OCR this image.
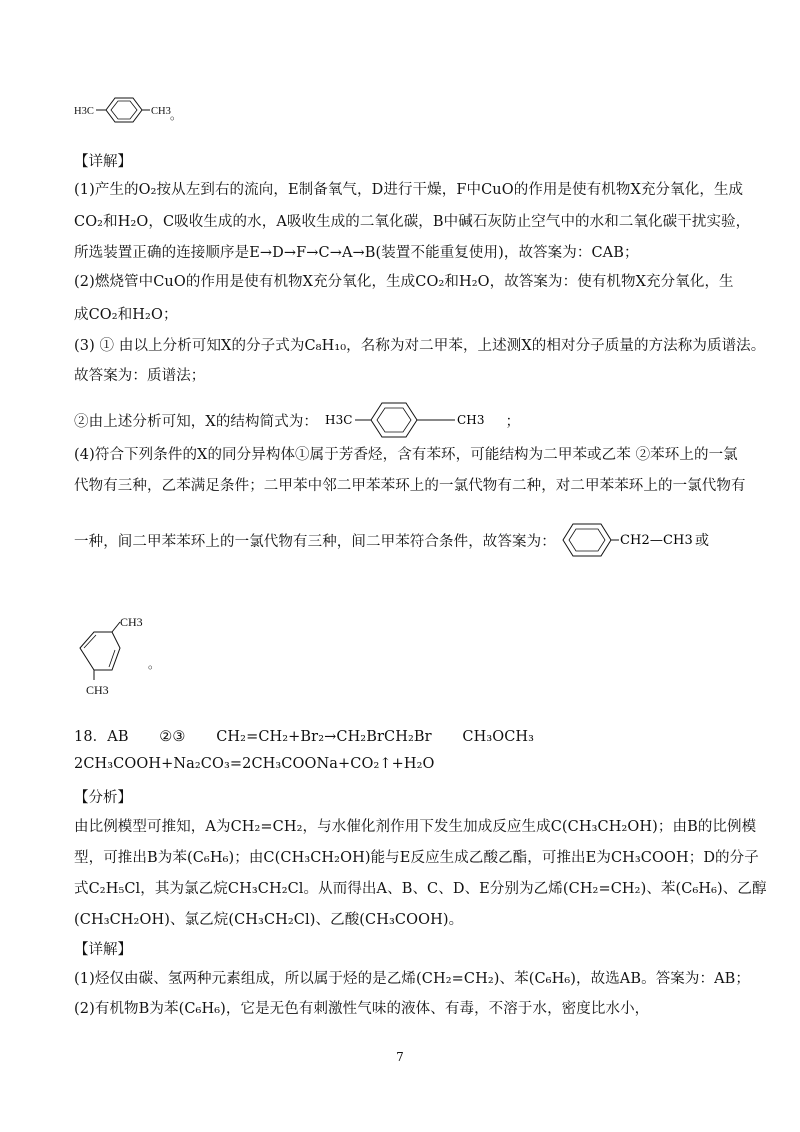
H3C	CH3 。
【详解】
(1)产生的O₂按从左到右的流向，E制备氧气，D进行干燥，F中CuO的作用是使有机物X充分氧化，生成
CO₂和H₂O，C吸收生成的水，A吸收生成的二氧化碳，B中碱石灰防止空气中的水和二氧化碳干扰实验，
所选装置正确的连接顺序是E→D→F→C→A→B(装置不能重复使用)，故答案为：CAB；
(2)燃烧管中CuO的作用是使有机物X充分氧化，生成CO₂和H₂O，故答案为：使有机物X充分氧化，生
成CO₂和H₂O；
(3) ① 由以上分析可知X的分子式为C₈H₁₀，名称为对二甲苯，上述测X的相对分子质量的方法称为质谱法。
故答案为：质谱法；
②由上述分析可知，X的结构简式为： H3C	CH3 ；
(4)符合下列条件的X的同分异构体①属于芳香烃，含有苯环，可能结构为二甲苯或乙苯 ②苯环上的一氯
代物有三种，乙苯满足条件；二甲苯中邻二甲苯苯环上的一氯代物有二种，对二甲苯苯环上的一氯代物有
一种，间二甲苯苯环上的一氯代物有三种，间二甲苯符合条件，故答案为：	CH2—CH3 或
CH3
CH3
。
18．AB ②③ CH₂=CH₂+Br₂→CH₂BrCH₂Br CH₃OCH₃
2CH₃COOH+Na₂CO₃=2CH₃COONa+CO₂↑+H₂O
【分析】
由比例模型可推知，A为CH₂=CH₂，与水催化剂作用下发生加成反应生成C(CH₃CH₂OH)；由B的比例模
型，可推出B为苯(C₆H₆)；由C(CH₃CH₂OH)能与E反应生成乙酸乙酯，可推出E为CH₃COOH；D的分子
式C₂H₅Cl，其为氯乙烷CH₃CH₂Cl。从而得出A、B、C、D、E分别为乙烯(CH₂=CH₂)、苯(C₆H₆)、乙醇
(CH₃CH₂OH)、氯乙烷(CH₃CH₂Cl)、乙酸(CH₃COOH)。
【详解】
(1)烃仅由碳、氢两种元素组成，所以属于烃的是乙烯(CH₂=CH₂)、苯(C₆H₆)，故选AB。答案为：AB；
(2)有机物B为苯(C₆H₆)，它是无色有刺激性气味的液体、有毒，不溶于水，密度比水小，
7
